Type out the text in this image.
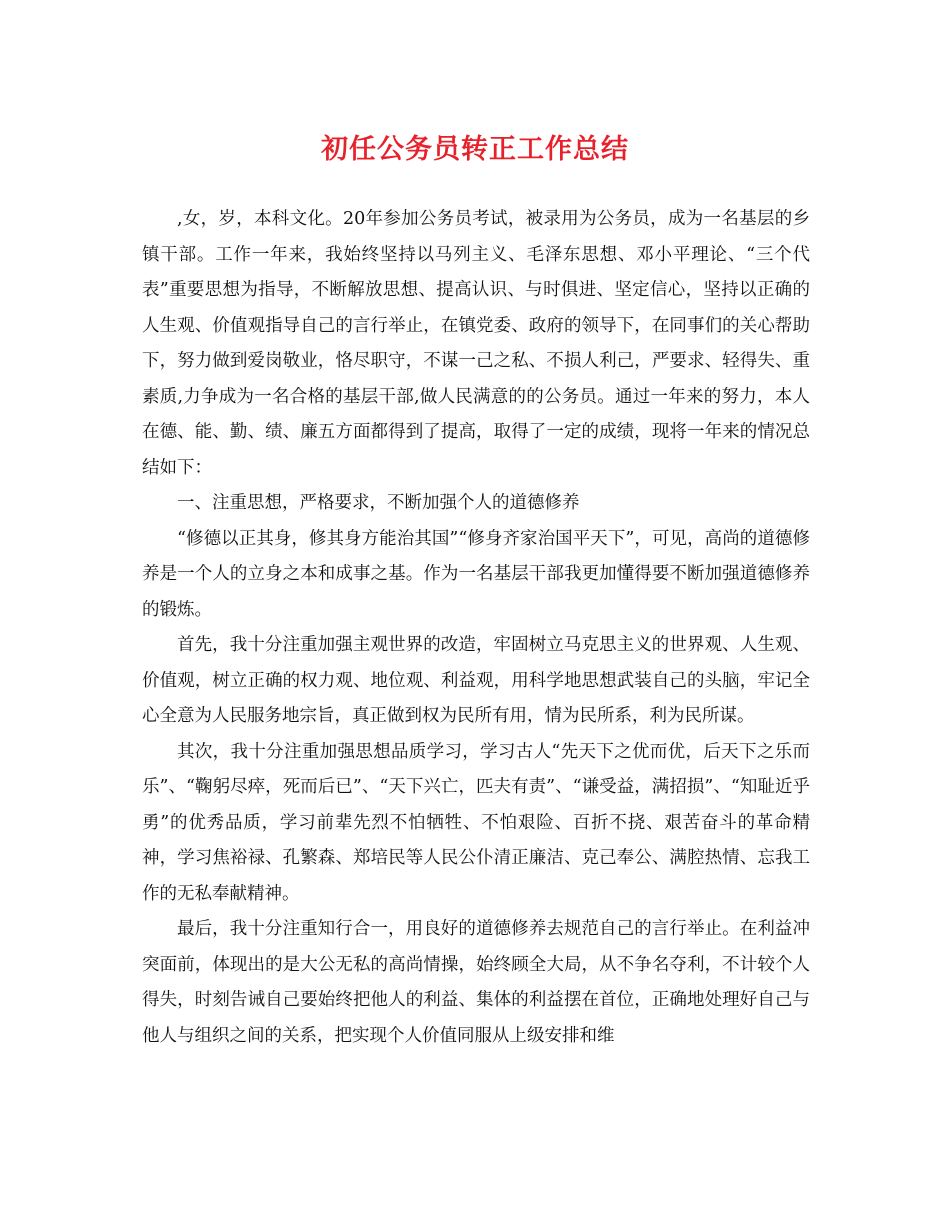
初任公务员转正工作总结

,女，岁，本科文化。20年参加公务员考试，被录用为公务员，成为一名基层的乡镇干部。工作一年来，我始终坚持以马列主义、毛泽东思想、邓小平理论、“三个代表”重要思想为指导，不断解放思想、提高认识、与时俱进、坚定信心，坚持以正确的人生观、价值观指导自己的言行举止，在镇党委、政府的领导下，在同事们的关心帮助下，努力做到爱岗敬业，恪尽职守，不谋一己之私、不损人利己，严要求、轻得失、重素质,力争成为一名合格的基层干部,做人民满意的的公务员。通过一年来的努力，本人在德、能、勤、绩、廉五方面都得到了提高，取得了一定的成绩，现将一年来的情况总结如下：

一、注重思想，严格要求，不断加强个人的道德修养

“修德以正其身，修其身方能治其国”“修身齐家治国平天下”，可见，高尚的道德修养是一个人的立身之本和成事之基。作为一名基层干部我更加懂得要不断加强道德修养的锻炼。

首先，我十分注重加强主观世界的改造，牢固树立马克思主义的世界观、人生观、价值观，树立正确的权力观、地位观、利益观，用科学地思想武装自己的头脑，牢记全心全意为人民服务地宗旨，真正做到权为民所有用，情为民所系，利为民所谋。

其次，我十分注重加强思想品质学习，学习古人“先天下之优而优，后天下之乐而乐”、“鞠躬尽瘁，死而后已”、“天下兴亡，匹夫有责”、“谦受益，满招损”、“知耻近乎勇”的优秀品质，学习前辈先烈不怕牺牲、不怕艰险、百折不挠、艰苦奋斗的革命精神，学习焦裕禄、孔繁森、郑培民等人民公仆清正廉洁、克己奉公、满腔热情、忘我工作的无私奉献精神。

最后，我十分注重知行合一，用良好的道德修养去规范自己的言行举止。在利益冲突面前，体现出的是大公无私的高尚情操，始终顾全大局，从不争名夺利，不计较个人得失，时刻告诫自己要始终把他人的利益、集体的利益摆在首位，正确地处理好自己与他人与组织之间的关系，把实现个人价值同服从上级安排和维
